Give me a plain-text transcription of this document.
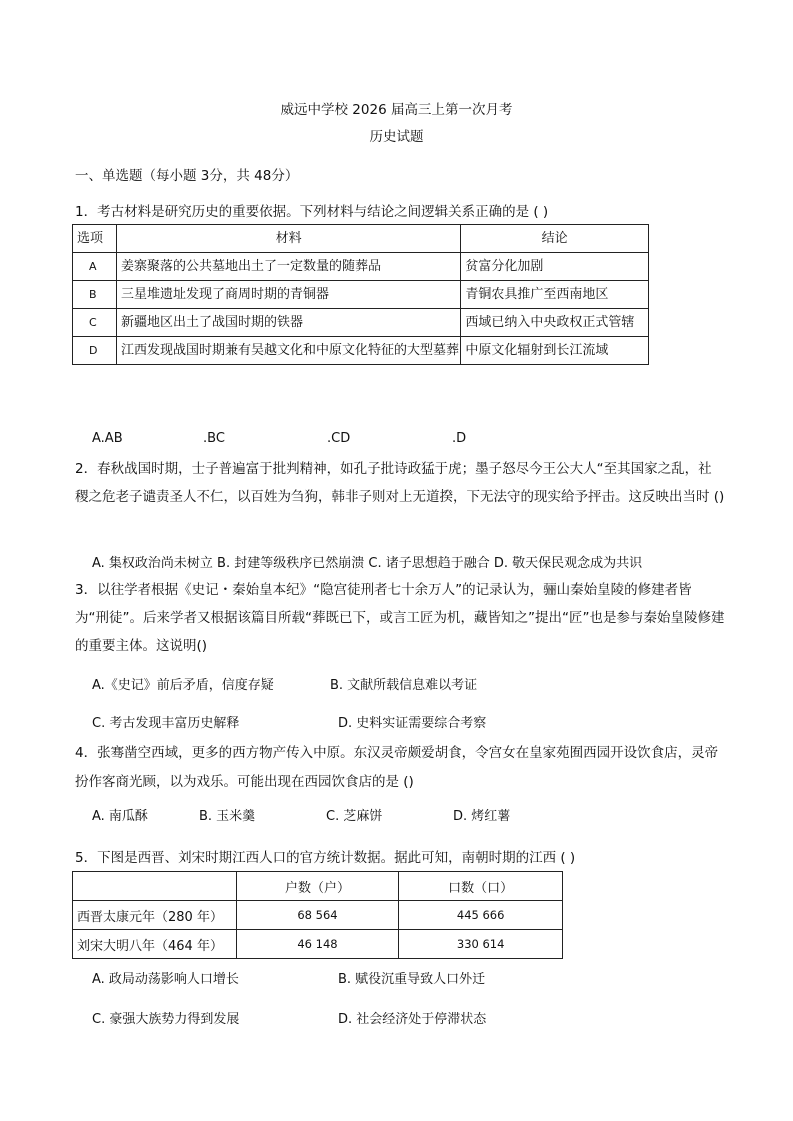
威远中学校 2026 届高三上第一次月考
历史试题
一、单选题（每小题 3分，共 48分）
1．考古材料是研究历史的重要依据。下列材料与结论之间逻辑关系正确的是 ( )
选项	材料	结论
A	姜寨聚落的公共墓地出土了一定数量的随葬品	贫富分化加剧
B	三星堆遗址发现了商周时期的青铜器	青铜农具推广至西南地区
C	新疆地区出土了战国时期的铁器	西域已纳入中央政权正式管辖
D	江西发现战国时期兼有吴越文化和中原文化特征的大型墓葬	中原文化辐射到长江流域
A.AB	.BC	.CD	.D
2．春秋战国时期，士子普遍富于批判精神，如孔子批诗政猛于虎；墨子怒尽今王公大人“至其国家之乱，社稷之危老子谴责圣人不仁，以百姓为刍狗，韩非子则对上无道揆，下无法守的现实给予抨击。这反映出当时 ()
A. 集权政治尚未树立 B. 封建等级秩序已然崩溃 C. 诸子思想趋于融合 D. 敬天保民观念成为共识
3．以往学者根据《史记・秦始皇本纪》“隐宫徒刑者七十余万人”的记录认为，骊山秦始皇陵的修建者皆为“刑徒”。后来学者又根据该篇目所载“葬既已下，或言工匠为机，藏皆知之”提出“匠”也是参与秦始皇陵修建的重要主体。这说明()
A.《史记》前后矛盾，信度存疑	B. 文献所载信息难以考证
C. 考古发现丰富历史解释	D. 史料实证需要综合考察
4．张骞凿空西域，更多的西方物产传入中原。东汉灵帝颇爱胡食，令宫女在皇家苑囿西园开设饮食店，灵帝扮作客商光顾，以为戏乐。可能出现在西园饮食店的是 ()
A. 南瓜酥	B. 玉米羹	C. 芝麻饼	D. 烤红薯
5．下图是西晋、刘宋时期江西人口的官方统计数据。据此可知，南朝时期的江西 ( )
	户数（户）	口数（口）
西晋太康元年（280 年）	68 564	445 666
刘宋大明八年（464 年）	46 148	330 614
A. 政局动荡影响人口增长	B. 赋役沉重导致人口外迁
C. 豪强大族势力得到发展	D. 社会经济处于停滞状态
